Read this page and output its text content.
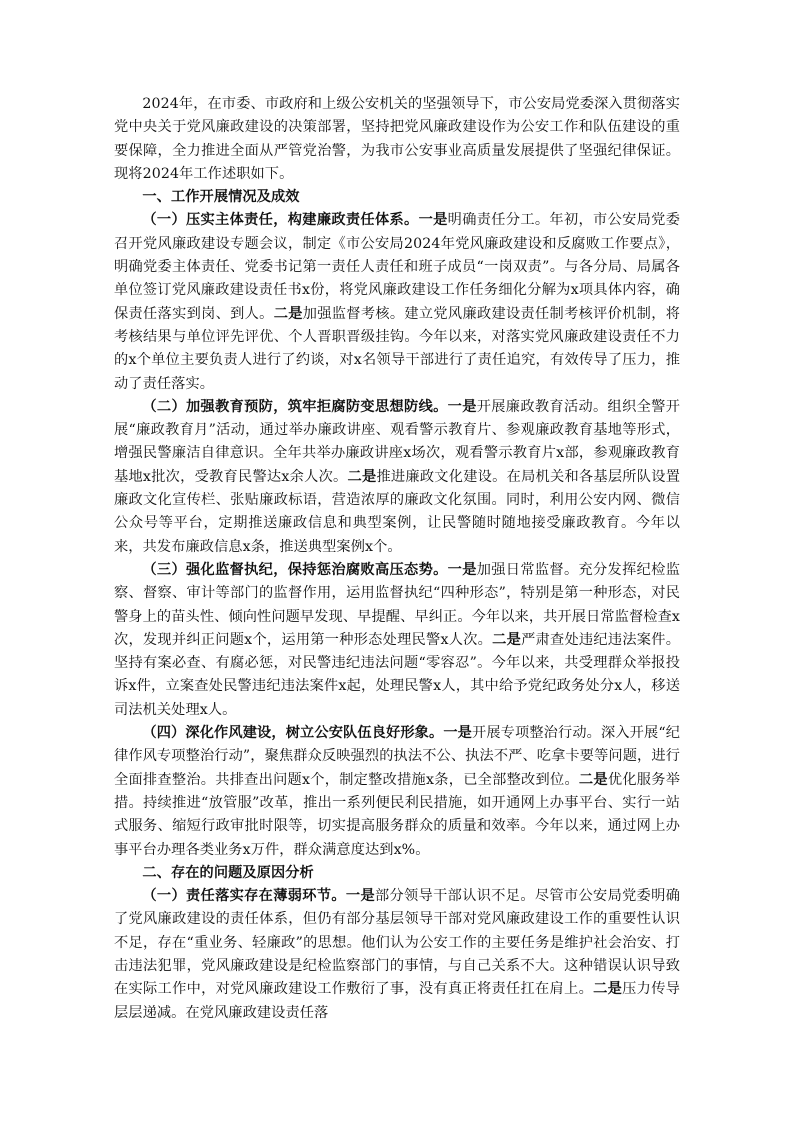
2024年，在市委、市政府和上级公安机关的坚强领导下，市公安局党委深入贯彻落实党中央关于党风廉政建设的决策部署，坚持把党风廉政建设作为公安工作和队伍建设的重要保障，全力推进全面从严管党治警，为我市公安事业高质量发展提供了坚强纪律保证。现将2024年工作述职如下。

一、工作开展情况及成效

（一）压实主体责任，构建廉政责任体系。一是明确责任分工。年初，市公安局党委召开党风廉政建设专题会议，制定《市公安局2024年党风廉政建设和反腐败工作要点》，明确党委主体责任、党委书记第一责任人责任和班子成员“一岗双责”。与各分局、局属各单位签订党风廉政建设责任书x份，将党风廉政建设工作任务细化分解为x项具体内容，确保责任落实到岗、到人。二是加强监督考核。建立党风廉政建设责任制考核评价机制，将考核结果与单位评先评优、个人晋职晋级挂钩。今年以来，对落实党风廉政建设责任不力的x个单位主要负责人进行了约谈，对x名领导干部进行了责任追究，有效传导了压力，推动了责任落实。

（二）加强教育预防，筑牢拒腐防变思想防线。一是开展廉政教育活动。组织全警开展“廉政教育月”活动，通过举办廉政讲座、观看警示教育片、参观廉政教育基地等形式，增强民警廉洁自律意识。全年共举办廉政讲座x场次，观看警示教育片x部，参观廉政教育基地x批次，受教育民警达x余人次。二是推进廉政文化建设。在局机关和各基层所队设置廉政文化宣传栏、张贴廉政标语，营造浓厚的廉政文化氛围。同时，利用公安内网、微信公众号等平台，定期推送廉政信息和典型案例，让民警随时随地接受廉政教育。今年以来，共发布廉政信息x条，推送典型案例x个。

（三）强化监督执纪，保持惩治腐败高压态势。一是加强日常监督。充分发挥纪检监察、督察、审计等部门的监督作用，运用监督执纪“四种形态”，特别是第一种形态，对民警身上的苗头性、倾向性问题早发现、早提醒、早纠正。今年以来，共开展日常监督检查x次，发现并纠正问题x个，运用第一种形态处理民警x人次。二是严肃查处违纪违法案件。坚持有案必查、有腐必惩，对民警违纪违法问题“零容忍”。今年以来，共受理群众举报投诉x件，立案查处民警违纪违法案件x起，处理民警x人，其中给予党纪政务处分x人，移送司法机关处理x人。

（四）深化作风建设，树立公安队伍良好形象。一是开展专项整治行动。深入开展“纪律作风专项整治行动”，聚焦群众反映强烈的执法不公、执法不严、吃拿卡要等问题，进行全面排查整治。共排查出问题x个，制定整改措施x条，已全部整改到位。二是优化服务举措。持续推进“放管服”改革，推出一系列便民利民措施，如开通网上办事平台、实行一站式服务、缩短行政审批时限等，切实提高服务群众的质量和效率。今年以来，通过网上办事平台办理各类业务x万件，群众满意度达到x%。

二、存在的问题及原因分析

（一）责任落实存在薄弱环节。一是部分领导干部认识不足。尽管市公安局党委明确了党风廉政建设的责任体系，但仍有部分基层领导干部对党风廉政建设工作的重要性认识不足，存在“重业务、轻廉政”的思想。他们认为公安工作的主要任务是维护社会治安、打击违法犯罪，党风廉政建设是纪检监察部门的事情，与自己关系不大。这种错误认识导致在实际工作中，对党风廉政建设工作敷衍了事，没有真正将责任扛在肩上。二是压力传导层层递减。在党风廉政建设责任落
